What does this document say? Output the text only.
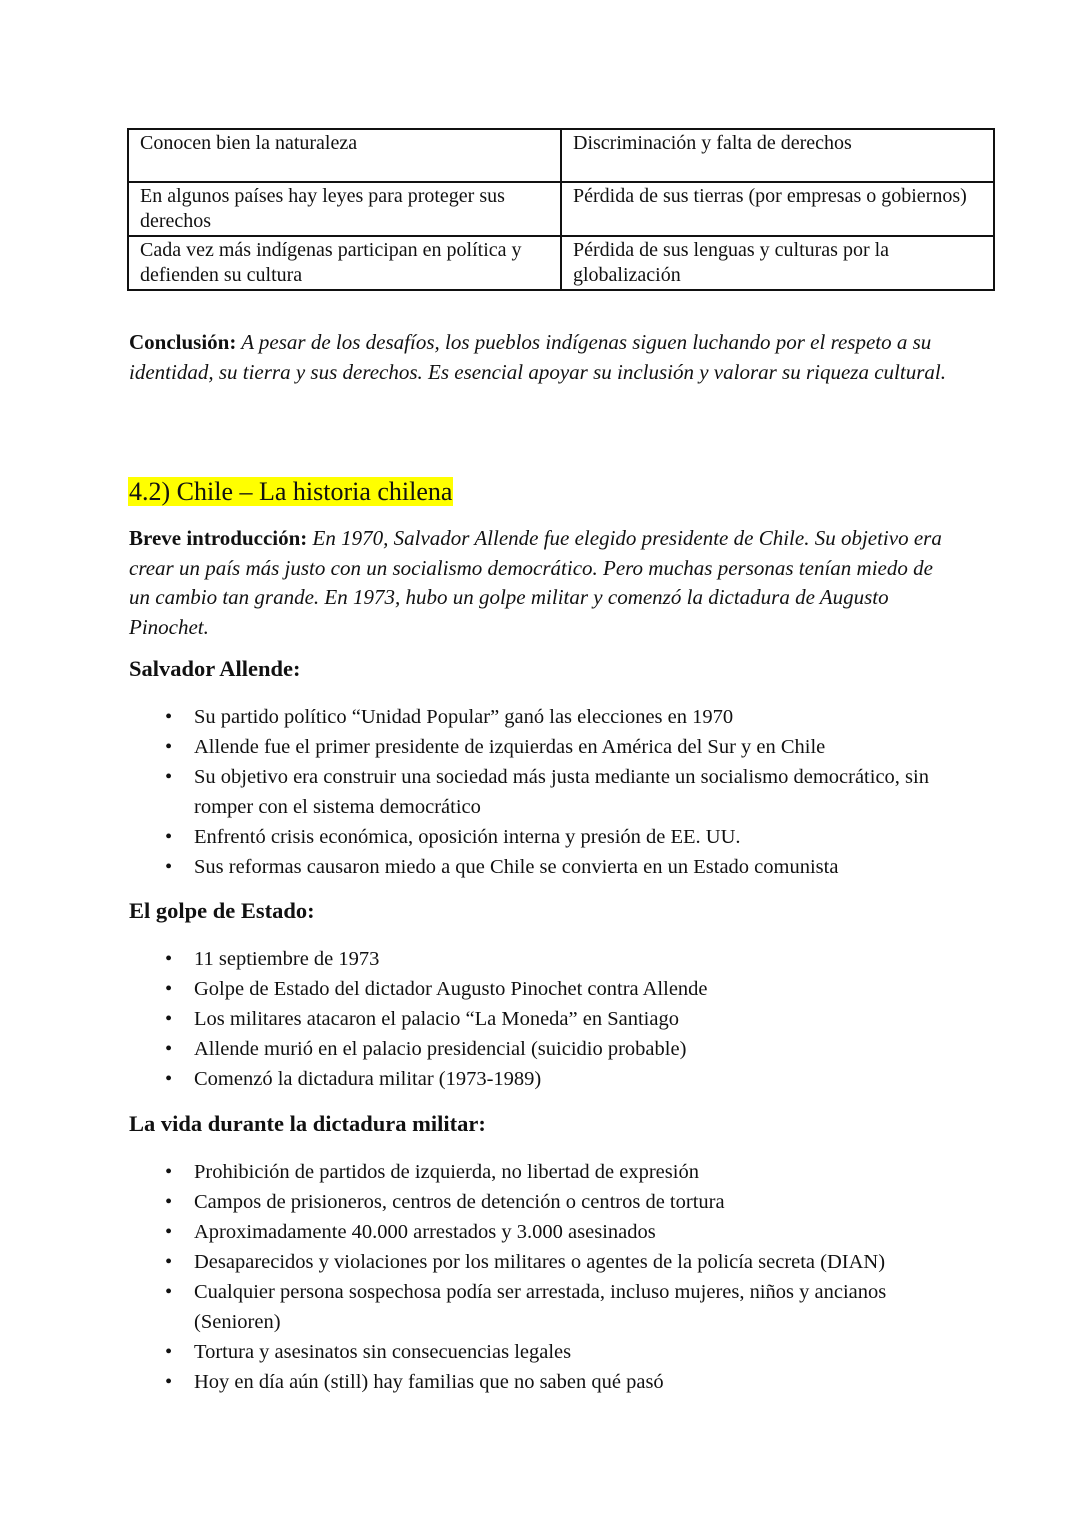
Conocen bien la naturaleza	Discriminación y falta de derechos
En algunos países hay leyes para proteger sus derechos	Pérdida de sus tierras (por empresas o gobiernos)
Cada vez más indígenas participan en política y defienden su cultura	Pérdida de sus lenguas y culturas por la globalización

Conclusión: A pesar de los desafíos, los pueblos indígenas siguen luchando por el respeto a su identidad, su tierra y sus derechos. Es esencial apoyar su inclusión y valorar su riqueza cultural.

4.2) Chile – La historia chilena

Breve introducción: En 1970, Salvador Allende fue elegido presidente de Chile. Su objetivo era crear un país más justo con un socialismo democrático. Pero muchas personas tenían miedo de un cambio tan grande. En 1973, hubo un golpe militar y comenzó la dictadura de Augusto Pinochet.

Salvador Allende:
• Su partido político “Unidad Popular” ganó las elecciones en 1970
• Allende fue el primer presidente de izquierdas en América del Sur y en Chile
• Su objetivo era construir una sociedad más justa mediante un socialismo democrático, sin romper con el sistema democrático
• Enfrentó crisis económica, oposición interna y presión de EE. UU.
• Sus reformas causaron miedo a que Chile se convierta en un Estado comunista
El golpe de Estado:
• 11 septiembre de 1973
• Golpe de Estado del dictador Augusto Pinochet contra Allende
• Los militares atacaron el palacio “La Moneda” en Santiago
• Allende murió en el palacio presidencial (suicidio probable)
• Comenzó la dictadura militar (1973-1989)
La vida durante la dictadura militar:
• Prohibición de partidos de izquierda, no libertad de expresión
• Campos de prisioneros, centros de detención o centros de tortura
• Aproximadamente 40.000 arrestados y 3.000 asesinados
• Desaparecidos y violaciones por los militares o agentes de la policía secreta (DIAN)
• Cualquier persona sospechosa podía ser arrestada, incluso mujeres, niños y ancianos (Senioren)
• Tortura y asesinatos sin consecuencias legales
• Hoy en día aún (still) hay familias que no saben qué pasó
